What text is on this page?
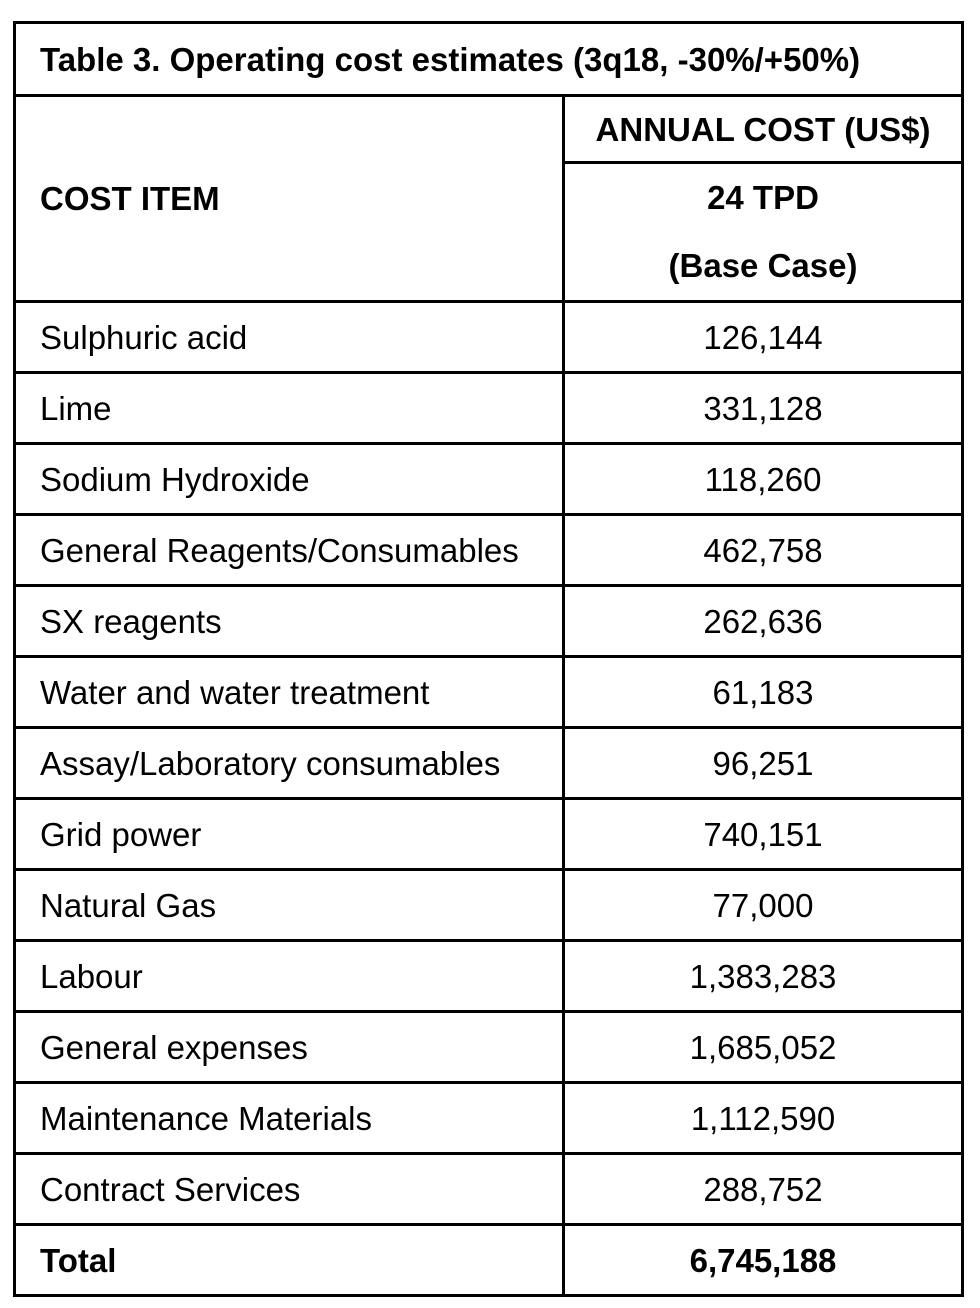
Table 3. Operating cost estimates (3q18, -30%/+50%)	
COST ITEM	ANNUAL COST (US$)

	24 TPD
(Base Case)

Sulphuric acid	126,144
Lime	331,128
Sodium Hydroxide	118,260
General Reagents/Consumables	462,758
SX reagents	262,636
Water and water treatment	61,183
Assay/Laboratory consumables	96,251
Grid power	740,151
Natural Gas	77,000
Labour	1,383,283
General expenses	1,685,052
Maintenance Materials	1,112,590
Contract Services	288,752
Total	6,745,188
